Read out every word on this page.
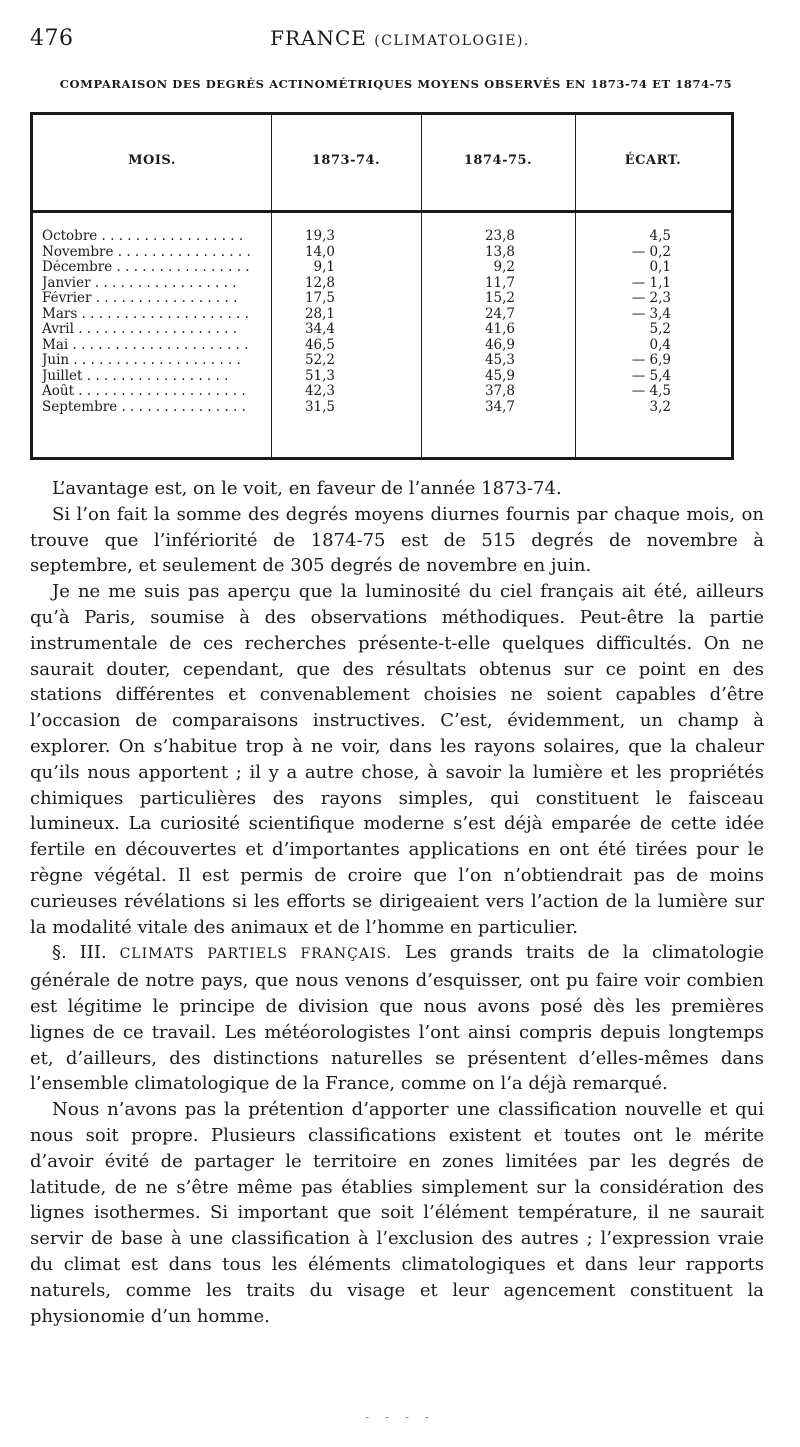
476	FRANCE (CLIMATOLOGIE).
COMPARAISON DES DEGRÉS ACTINOMÉTRIQUES MOYENS OBSERVÉS EN 1873-74 ET 1874-75
MOIS.	1873-74.	1874-75.	ÉCART.
Octobre . . . . . . . . . . . . . . . . .	19,3	23,8	4,5
Novembre . . . . . . . . . . . . . . . .	14,0	13,8	— 0,2
Décembre . . . . . . . . . . . . . . . .	9,1	9,2	0,1
Janvier . . . . . . . . . . . . . . . . .	12,8	11,7	— 1,1
Février . . . . . . . . . . . . . . . . .	17,5	15,2	— 2,3
Mars . . . . . . . . . . . . . . . . . . . .	28,1	24,7	— 3,4
Avril . . . . . . . . . . . . . . . . . . .	34,4	41,6	5,2
Mai . . . . . . . . . . . . . . . . . . . . .	46,5	46,9	0,4
Juin . . . . . . . . . . . . . . . . . . . .	52,2	45,3	— 6,9
Juillet . . . . . . . . . . . . . . . . .	51,3	45,9	— 5,4
Août . . . . . . . . . . . . . . . . . . . .	42,3	37,8	— 4,5
Septembre . . . . . . . . . . . . . . .	31,5	34,7	3,2

L’avantage est, on le voit, en faveur de l’année 1873-74.

Si l’on fait la somme des degrés moyens diurnes fournis par chaque mois, on trouve que l’infériorité de 1874-75 est de 515 degrés de novembre à septembre, et seulement de 305 degrés de novembre en juin.

Je ne me suis pas aperçu que la luminosité du ciel français ait été, ailleurs qu’à Paris, soumise à des observations méthodiques. Peut-être la partie instrumentale de ces recherches présente-t-elle quelques difficultés. On ne saurait douter, cependant, que des résultats obtenus sur ce point en des stations différentes et convenablement choisies ne soient capables d’être l’occasion de comparaisons instructives. C’est, évidemment, un champ à explorer. On s’habitue trop à ne voir, dans les rayons solaires, que la chaleur qu’ils nous apportent ; il y a autre chose, à savoir la lumière et les propriétés chimiques particulières des rayons simples, qui constituent le faisceau lumineux. La curiosité scientifique moderne s’est déjà emparée de cette idée fertile en découvertes et d’importantes applications en ont été tirées pour le règne végétal. Il est permis de croire que l’on n’obtiendrait pas de moins curieuses révélations si les efforts se dirigeaient vers l’action de la lumière sur la modalité vitale des animaux et de l’homme en particulier.

§. III. CLIMATS PARTIELS FRANÇAIS. Les grands traits de la climatologie générale de notre pays, que nous venons d’esquisser, ont pu faire voir combien est légitime le principe de division que nous avons posé dès les premières lignes de ce travail. Les météorologistes l’ont ainsi compris depuis longtemps et, d’ailleurs, des distinctions naturelles se présentent d’elles-mêmes dans l’ensemble climatologique de la France, comme on l’a déjà remarqué.

Nous n’avons pas la prétention d’apporter une classification nouvelle et qui nous soit propre. Plusieurs classifications existent et toutes ont le mérite d’avoir évité de partager le territoire en zones limitées par les degrés de latitude, de ne s’être même pas établies simplement sur la considération des lignes isothermes. Si important que soit l’élément température, il ne saurait servir de base à une classification à l’exclusion des autres ; l’expression vraie du climat est dans tous les éléments climatologiques et dans leur rapports naturels, comme les traits du visage et leur agencement constituent la physionomie d’un homme.

- - - -
